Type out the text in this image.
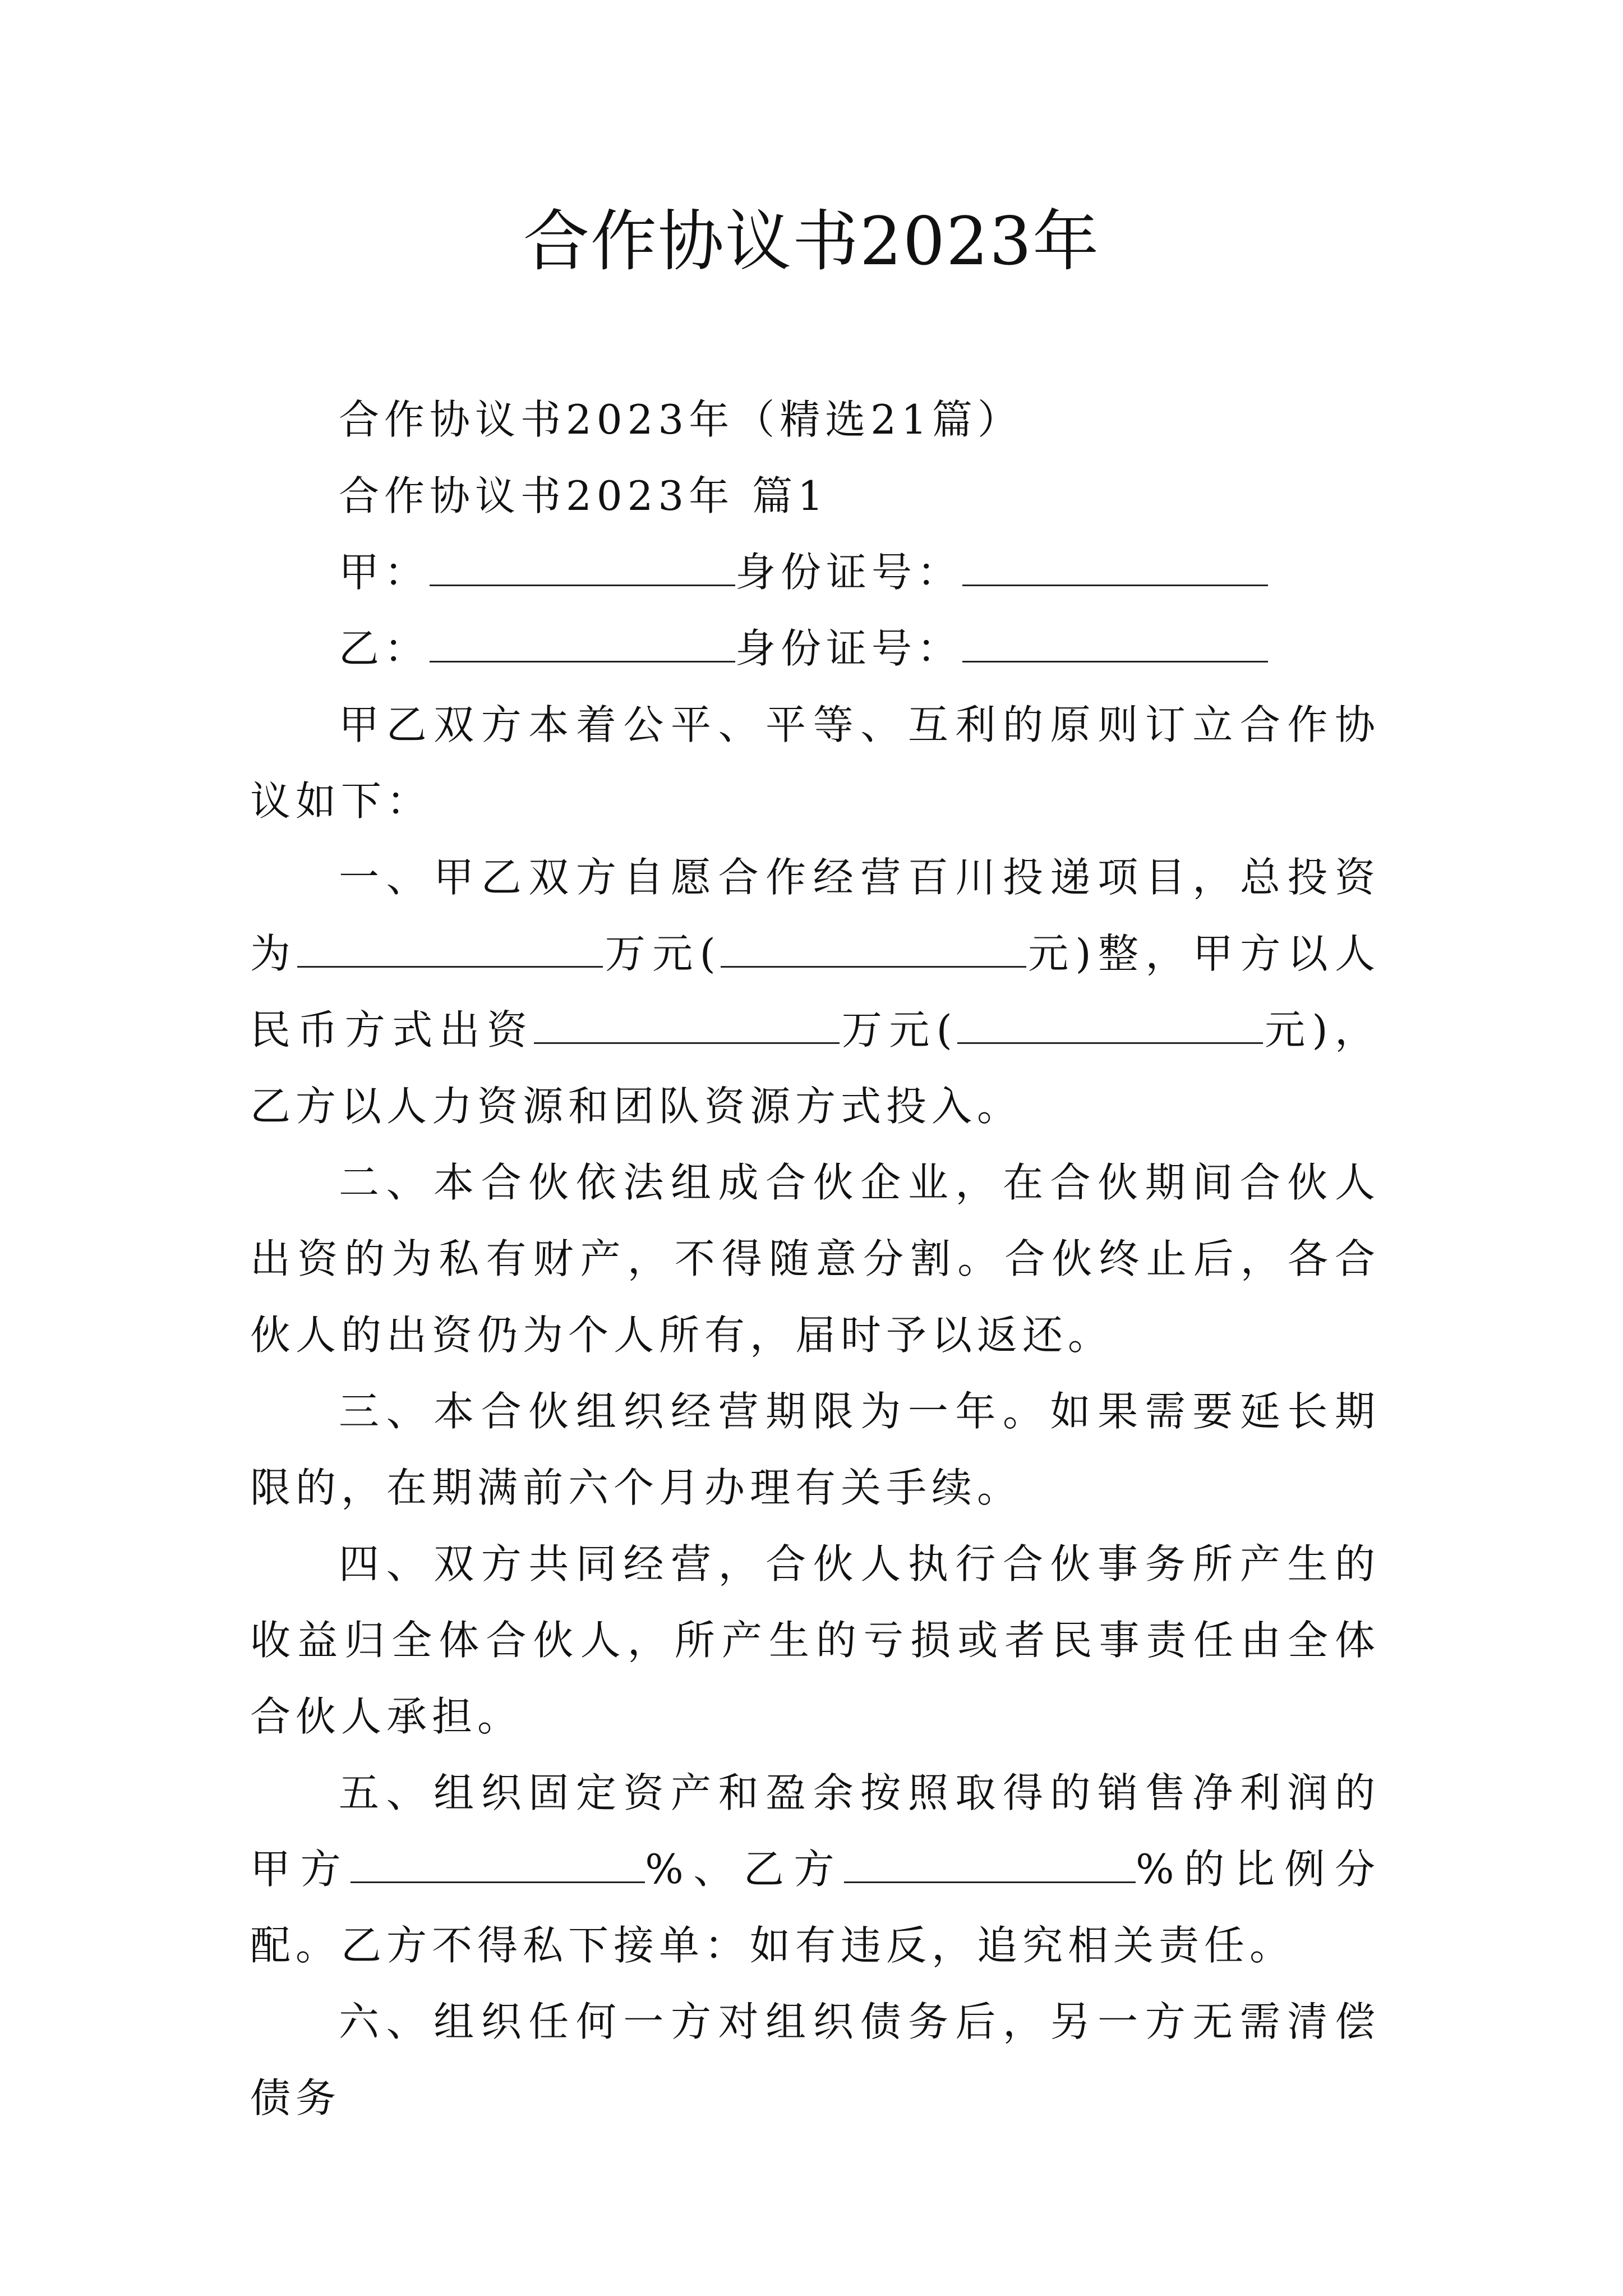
合作协议书2023年

合作协议书2023年（精选21篇）

合作协议书2023年 篇1

甲：	身份证号：

乙：	身份证号：

甲乙双方本着公平、平等、互利的原则订立合作协议如下：

一、甲乙双方自愿合作经营百川投递项目，总投资为	万元(	元)整，甲方以人民币方式出资	万元(	元)，乙方以人力资源和团队资源方式投入。

二、本合伙依法组成合伙企业，在合伙期间合伙人出资的为私有财产，不得随意分割。合伙终止后，各合伙人的出资仍为个人所有，届时予以返还。

三、本合伙组织经营期限为一年。如果需要延长期限的，在期满前六个月办理有关手续。

四、双方共同经营，合伙人执行合伙事务所产生的收益归全体合伙人，所产生的亏损或者民事责任由全体合伙人承担。

五、组织固定资产和盈余按照取得的销售净利润的甲方	%、乙方	%的比例分配。乙方不得私下接单：如有违反，追究相关责任。

六、组织任何一方对组织债务后，另一方无需清偿债务
